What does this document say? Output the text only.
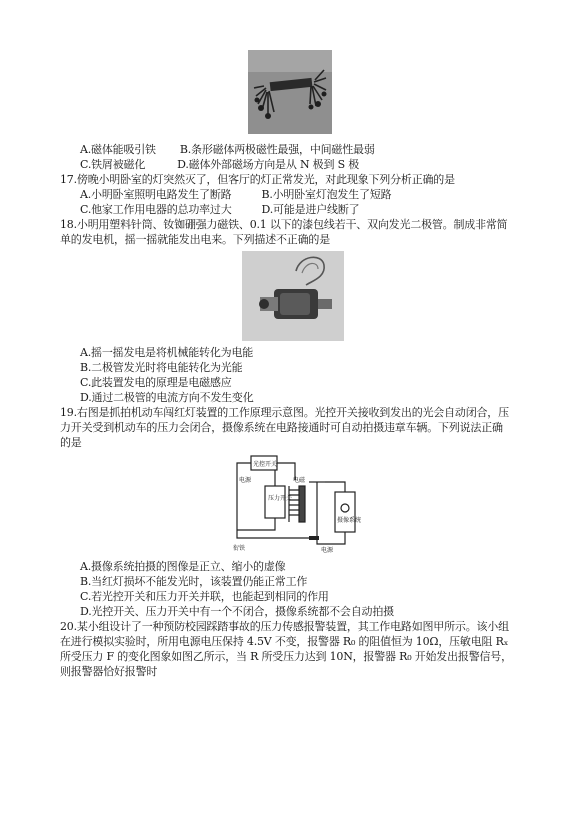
A.磁体能吸引铁 B.条形磁体两极磁性最强，中间磁性最弱
C.铁屑被磁化	D.磁体外部磁场方向是从 N 极到 S 极
17.傍晚小明卧室的灯突然灭了，但客厅的灯正常发光，对此现象下列分析正确的是
A.小明卧室照明电路发生了断路	B.小明卧室灯泡发生了短路
C.他家工作用电器的总功率过大	D.可能是进户线断了
18.小明用塑料针筒、钕铷硼强力磁铁、0.1 以下的漆包线若干、双向发光二极管。制成非常简
单的发电机，摇一摇就能发出电来。下列描述不正确的是
A.摇一摇发电是将机械能转化为电能
B.二极管发光时将电能转化为光能
C.此装置发电的原理是电磁感应
D.通过二极管的电流方向不发生变化
19.右图是抓拍机动车闯红灯装置的工作原理示意图。光控开关接收到发出的光会自动闭合，压
力开关受到机动车的压力会闭合，摄像系统在电路接通时可自动拍摄违章车辆。下列说法正确
的是
光控开关
压力开关
摄像系统
电源
电源
衔铁
电磁
A.摄像系统拍摄的图像是正立、缩小的虚像
B.当红灯损坏不能发光时，该装置仍能正常工作
C.若光控开关和压力开关并联，也能起到相同的作用
D.光控开关、压力开关中有一个不闭合，摄像系统都不会自动拍摄
20.某小组设计了一种预防校园踩踏事故的压力传感报警装置，其工作电路如图甲所示。该小组
在进行模拟实验时，所用电源电压保持 4.5V 不变，报警器 R₀ 的阻值恒为 10Ω，压敏电阻 Rₓ
所受压力 F 的变化图象如图乙所示，当 R 所受压力达到 10N，报警器 R₀ 开始发出报警信号，
则报警器恰好报警时
